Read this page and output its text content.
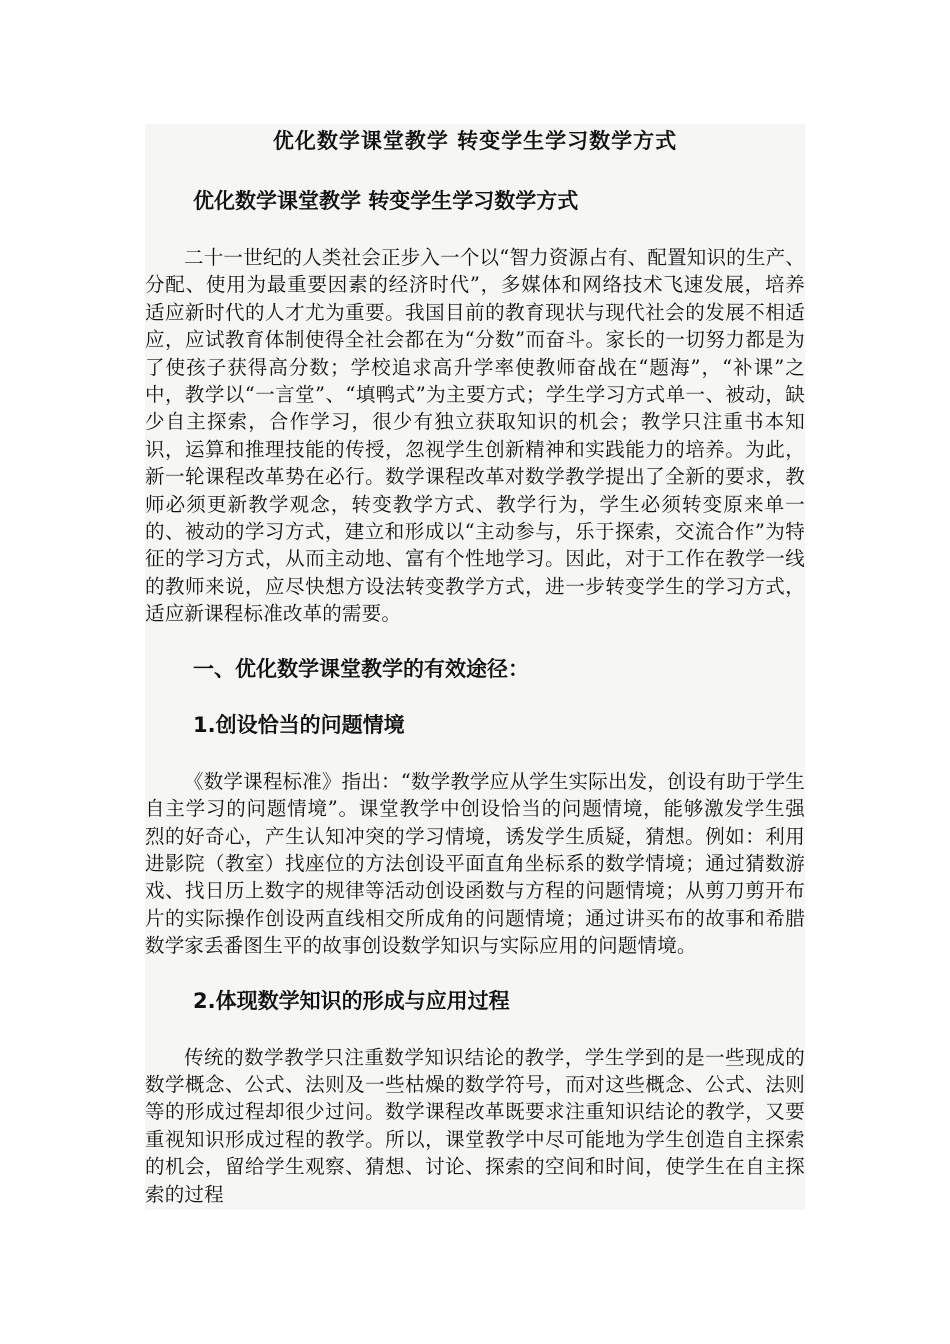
优化数学课堂教学 转变学生学习数学方式
优化数学课堂教学 转变学生学习数学方式

二十一世纪的人类社会正步入一个以“智力资源占有、配置知识的生产、分配、使用为最重要因素的经济时代”，多媒体和网络技术飞速发展，培养适应新时代的人才尤为重要。我国目前的教育现状与现代社会的发展不相适应，应试教育体制使得全社会都在为“分数”而奋斗。家长的一切努力都是为了使孩子获得高分数；学校追求高升学率使教师奋战在“题海”，“补课”之中，教学以“一言堂”、“填鸭式”为主要方式；学生学习方式单一、被动，缺少自主探索，合作学习，很少有独立获取知识的机会；教学只注重书本知识，运算和推理技能的传授，忽视学生创新精神和实践能力的培养。为此，新一轮课程改革势在必行。数学课程改革对数学教学提出了全新的要求，教师必须更新教学观念，转变教学方式、教学行为，学生必须转变原来单一的、被动的学习方式，建立和形成以“主动参与，乐于探索，交流合作”为特征的学习方式，从而主动地、富有个性地学习。因此，对于工作在教学一线的教师来说，应尽快想方设法转变教学方式，进一步转变学生的学习方式，适应新课程标准改革的需要。

一、优化数学课堂教学的有效途径：
1.创设恰当的问题情境

《数学课程标准》指出：“数学教学应从学生实际出发，创设有助于学生自主学习的问题情境”。课堂教学中创设恰当的问题情境，能够激发学生强烈的好奇心，产生认知冲突的学习情境，诱发学生质疑，猜想。例如：利用进影院（教室）找座位的方法创设平面直角坐标系的数学情境；通过猜数游戏、找日历上数字的规律等活动创设函数与方程的问题情境；从剪刀剪开布片的实际操作创设两直线相交所成角的问题情境；通过讲买布的故事和希腊数学家丢番图生平的故事创设数学知识与实际应用的问题情境。

2.体现数学知识的形成与应用过程

传统的数学教学只注重数学知识结论的教学，学生学到的是一些现成的数学概念、公式、法则及一些枯燥的数学符号，而对这些概念、公式、法则等的形成过程却很少过问。数学课程改革既要求注重知识结论的教学，又要重视知识形成过程的教学。所以，课堂教学中尽可能地为学生创造自主探索的机会，留给学生观察、猜想、讨论、探索的空间和时间，使学生在自主探索的过程
